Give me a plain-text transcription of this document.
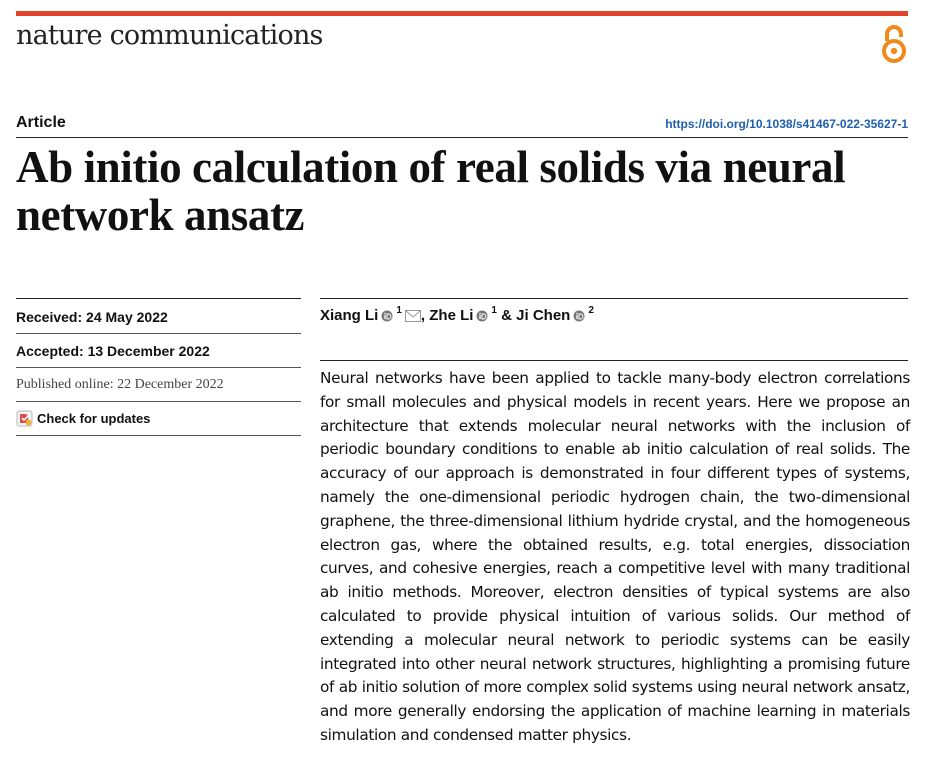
nature communications
Article	https://doi.org/10.1038/s41467-022-35627-1
Ab initio calculation of real solids via neural network ansatz
Received: 24 May 2022
Accepted: 13 December 2022
Published online: 22 December 2022
Check for updates
Xiang Li 1 , Zhe Li 1 & Ji Chen 2

Neural networks have been applied to tackle many-body electron correlations for small molecules and physical models in recent years. Here we propose an architecture that extends molecular neural networks with the inclusion of periodic boundary conditions to enable ab initio calculation of real solids. The accuracy of our approach is demonstrated in four different types of systems, namely the one-dimensional periodic hydrogen chain, the two-dimensional graphene, the three-dimensional lithium hydride crystal, and the homogeneous electron gas, where the obtained results, e.g. total energies, dissociation curves, and cohesive energies, reach a competitive level with many traditional ab initio methods. Moreover, electron densities of typical systems are also calculated to provide physical intuition of various solids. Our method of extending a molecular neural network to periodic systems can be easily integrated into other neural network structures, highlighting a promising future of ab initio solution of more complex solid systems using neural network ansatz, and more generally endorsing the application of machine learning in materials simulation and condensed matter physics.
